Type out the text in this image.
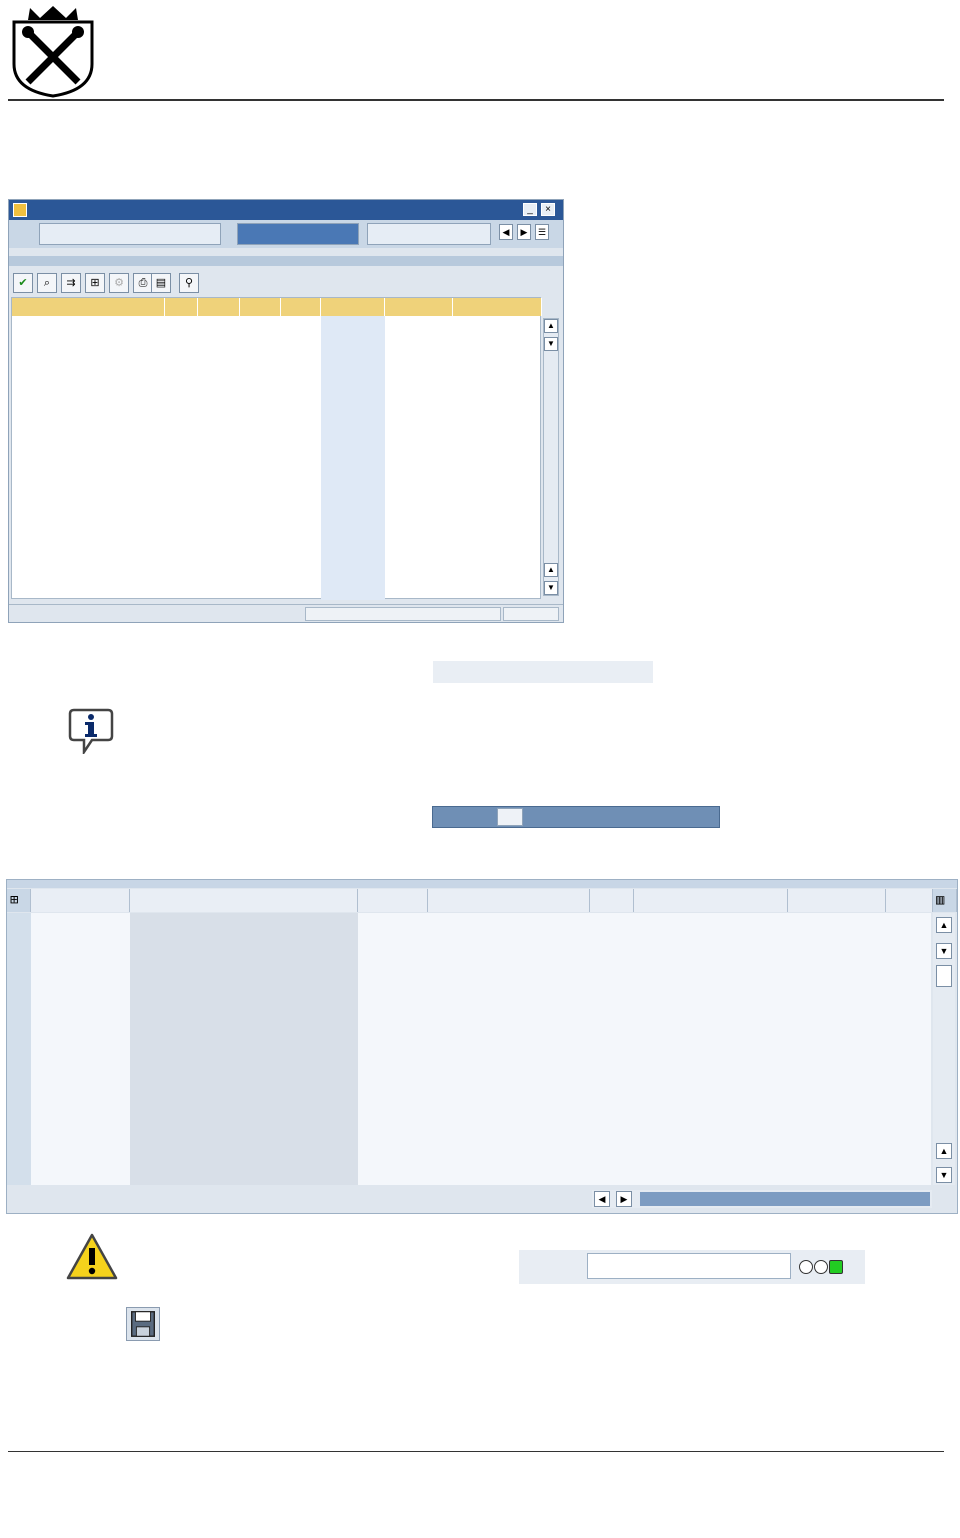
_	×
◀	▶	☰
✔	⌕	⇉	⊞	⚙	⎙ ▤	⚲
▲
▼
▲
▼
⊞	▥
▲
▼
▲
▼
◀	▶
